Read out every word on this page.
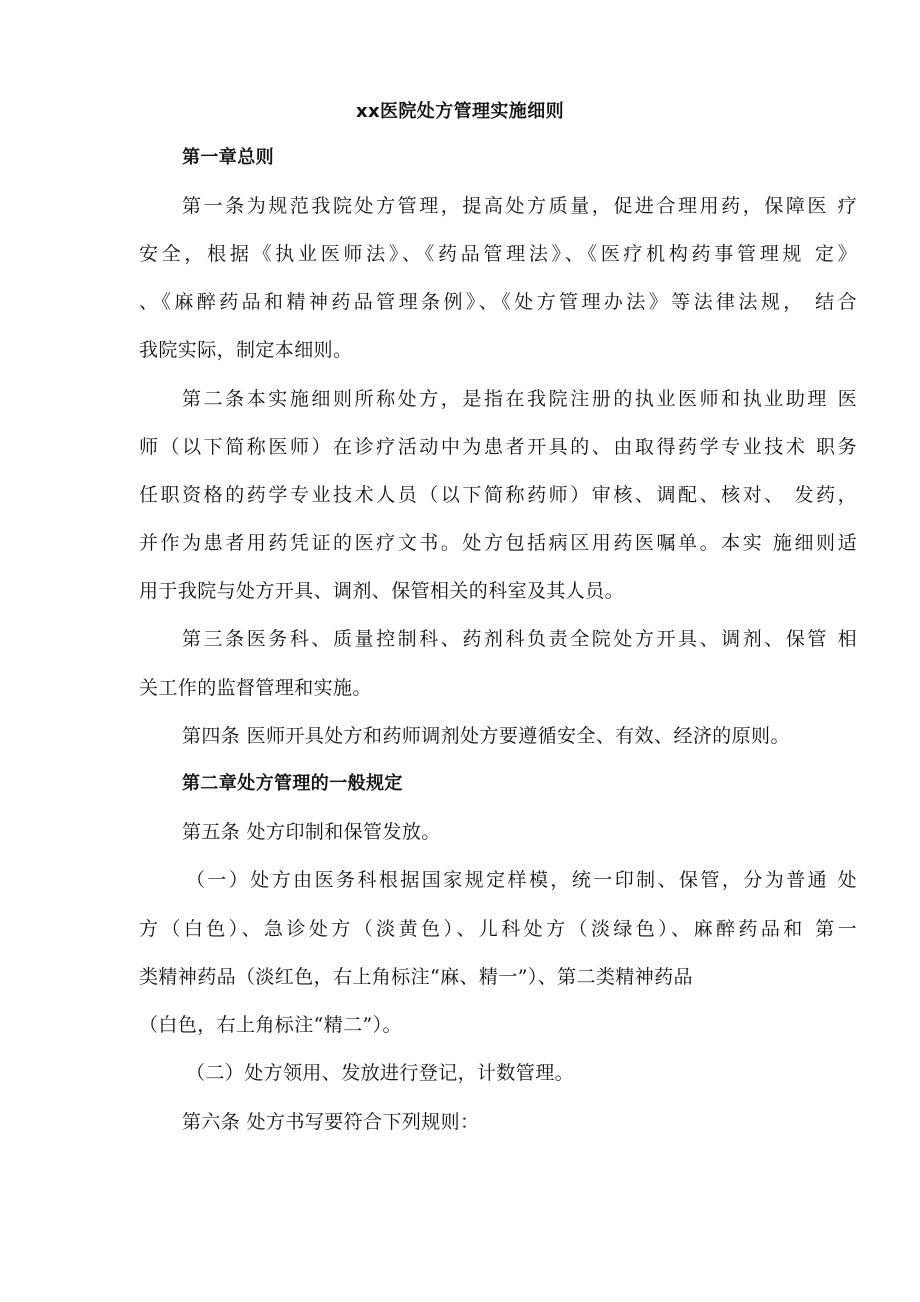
xx医院处方管理实施细则
第一章总则
第一条为规范我院处方管理，提高处方质量，促进合理用药，保障医 疗
安全，根据《执业医师法》、《药品管理法》、《医疗机构药事管理规 定》
、《麻醉药品和精神药品管理条例》、《处方管理办法》等法律法规， 结合
我院实际，制定本细则。
第二条本实施细则所称处方，是指在我院注册的执业医师和执业助理 医
师（以下简称医师）在诊疗活动中为患者开具的、由取得药学专业技术 职务
任职资格的药学专业技术人员（以下简称药师）审核、调配、核对、 发药，
并作为患者用药凭证的医疗文书。处方包括病区用药医嘱单。本实 施细则适
用于我院与处方开具、调剂、保管相关的科室及其人员。
第三条医务科、质量控制科、药剂科负责全院处方开具、调剂、保管 相
关工作的监督管理和实施。
第四条 医师开具处方和药师调剂处方要遵循安全、有效、经济的原则。
第二章处方管理的一般规定
第五条 处方印制和保管发放。
（一）处方由医务科根据国家规定样模，统一印制、保管，分为普通 处
方（白色）、急诊处方（淡黄色）、儿科处方（淡绿色）、麻醉药品和 第一
类精神药品（淡红色，右上角标注“麻、精一”）、第二类精神药品
（白色，右上角标注“精二”）。
（二）处方领用、发放进行登记，计数管理。
第六条 处方书写要符合下列规则：
